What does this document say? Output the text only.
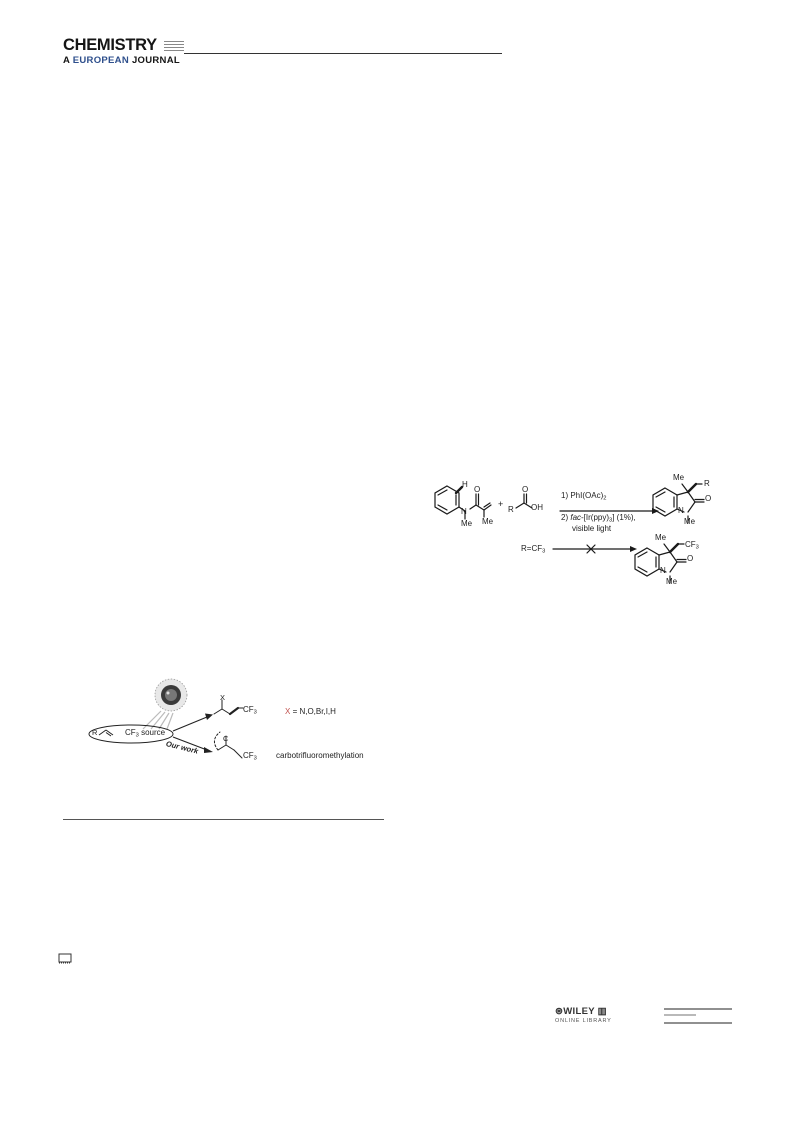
CHEMISTRY
A EUROPEAN JOURNAL
H
N
Me
O
Me
+
R
O
OH
1) $PhI(OAc)_2$
2) fac-$[Ir(ppy)_3]$ (1%),
visible light
$R=CF_3$
Me
R
O
N
Me
Me
$CF_3$
O
N
Me
R	$CF_3$ source
X
$CF_3$	X = N,O,Br,I,H
Our work
C
$CF_3$ carbotrifluoromethylation
⊛WILEY ▥
ONLINE LIBRARY
